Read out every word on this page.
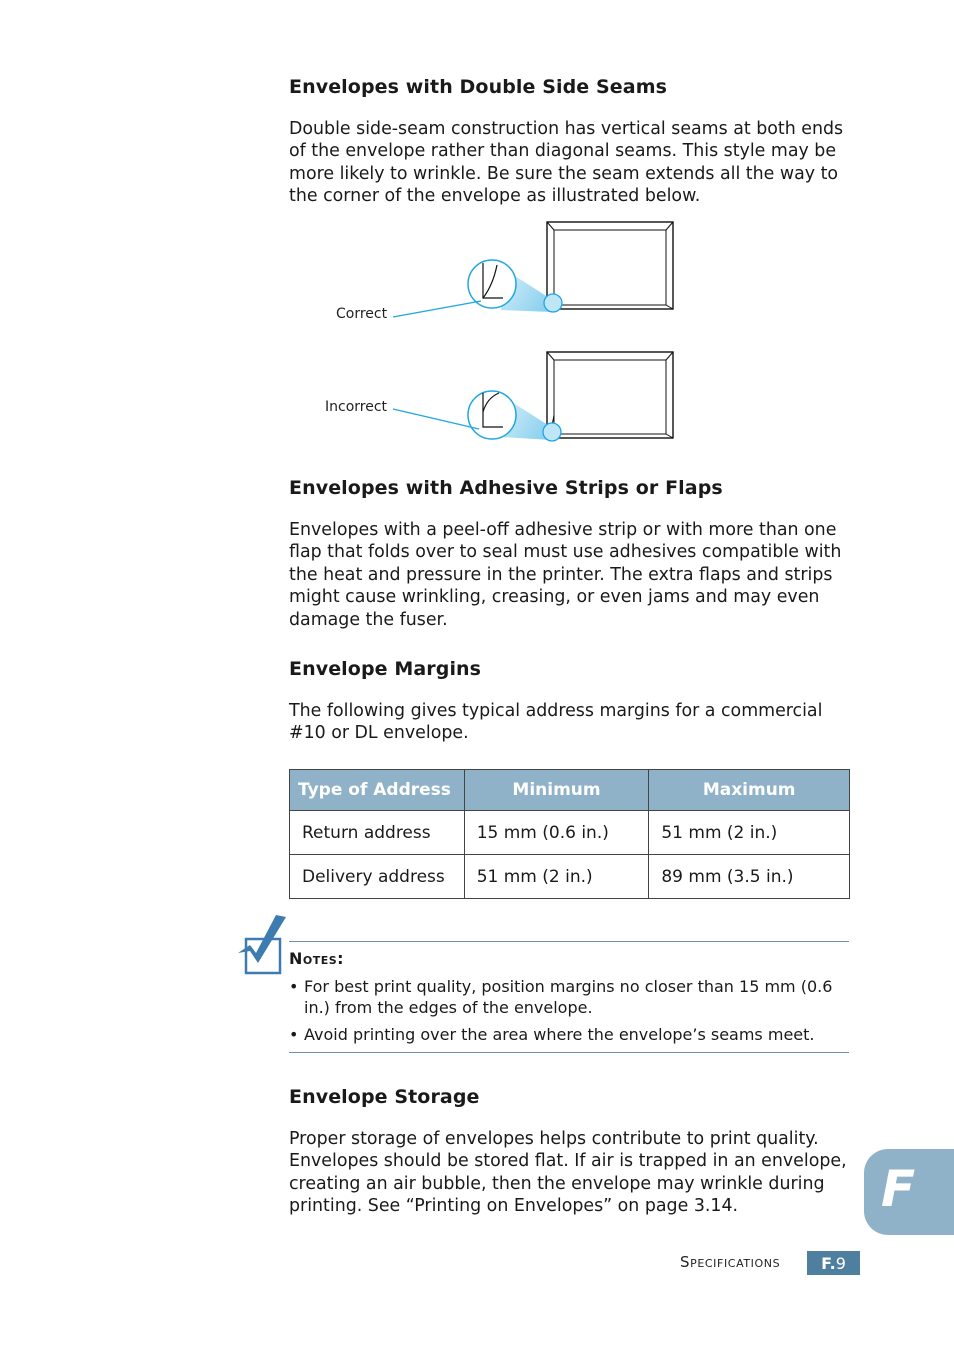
Envelopes with Double Side Seams

Double side-seam construction has vertical seams at both ends of the envelope rather than diagonal seams. This style may be more likely to wrinkle. Be sure the seam extends all the way to the corner of the envelope as illustrated below.

Correct
Incorrect
Envelopes with Adhesive Strips or Flaps

Envelopes with a peel-off adhesive strip or with more than one flap that folds over to seal must use adhesives compatible with the heat and pressure in the printer. The extra flaps and strips might cause wrinkling, creasing, or even jams and may even damage the fuser.

Envelope Margins

The following gives typical address margins for a commercial #10 or DL envelope.

Type of Address	Minimum	Maximum
Return address	15 mm (0.6 in.)	51 mm (2 in.)
Delivery address	51 mm (2 in.)	89 mm (3.5 in.)
Notes:
• For best print quality, position margins no closer than 15 mm (0.6 in.) from the edges of the envelope.
• Avoid printing over the area where the envelope’s seams meet.
Envelope Storage

Proper storage of envelopes helps contribute to print quality. Envelopes should be stored flat. If air is trapped in an envelope, creating an air bubble, then the envelope may wrinkle during printing. See “Printing on Envelopes” on page 3.14.	F
Specifications	F. 9
